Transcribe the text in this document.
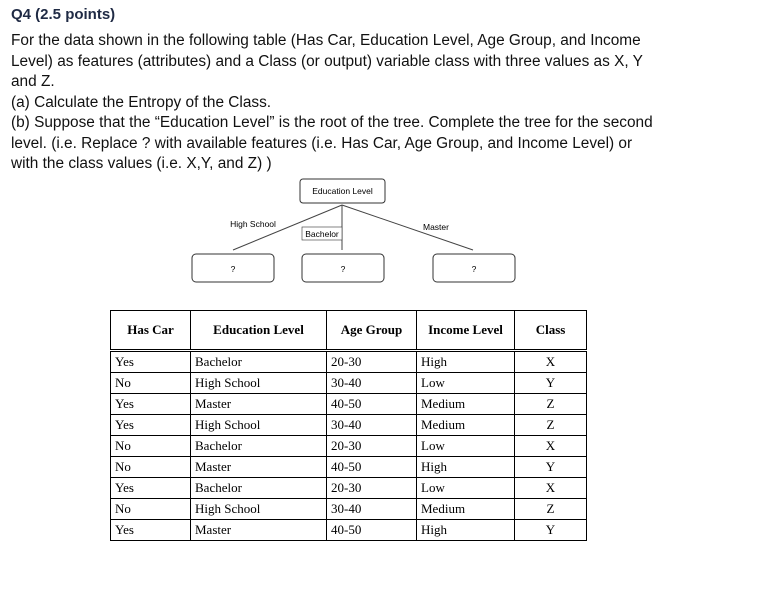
Q4 (2.5 points)
For the data shown in the following table (Has Car, Education Level, Age Group, and Income
Level) as features (attributes) and a Class (or output) variable class with three values as X, Y
and Z.
(a) Calculate the Entropy of the Class.
(b) Suppose that the “Education Level” is the root of the tree. Complete the tree for the second
level. (i.e. Replace ? with available features (i.e. Has Car, Age Group, and Income Level) or
with the class values (i.e. X,Y, and Z) )
Education Level
High School
Bachelor
Master
?	?	?
Has Car	Education Level	Age Group	Income Level	Class
Yes	Bachelor	20-30	High	X
No	High School	30-40	Low	Y
Yes	Master	40-50	Medium	Z
Yes	High School	30-40	Medium	Z
No	Bachelor	20-30	Low	X
No	Master	40-50	High	Y
Yes	Bachelor	20-30	Low	X
No	High School	30-40	Medium	Z
Yes	Master	40-50	High	Y
